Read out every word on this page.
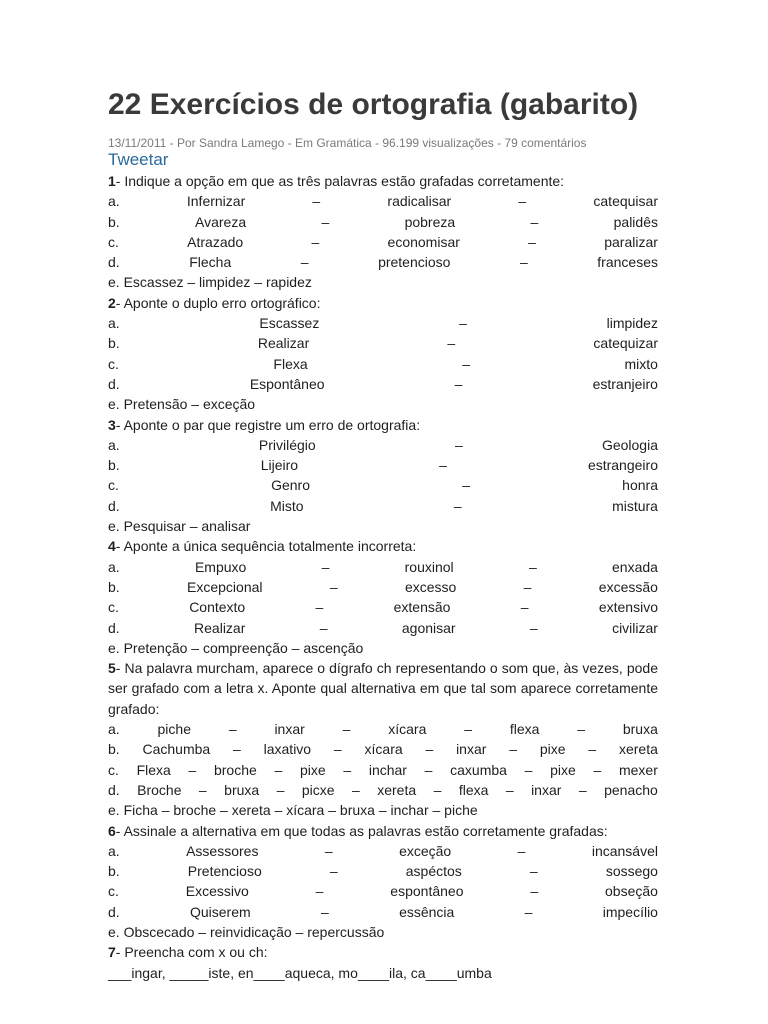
22 Exercícios de ortografia (gabarito)
13/11/2011 - Por Sandra Lamego - Em Gramática - 96.199 visualizações - 79 comentários
Tweetar
1- Indique a opção em que as três palavras estão grafadas corretamente:
a.	Infernizar	–	radicalisar	–	catequisar
b.	Avareza	–	pobreza	–	palidês
c.	Atrazado	–	economisar	–	paralizar
d.	Flecha	–	pretencioso	–	franceses
e. Escassez – limpidez – rapidez
2- Aponte o duplo erro ortográfico:
a.	Escassez	–	limpidez
b.	Realizar	–	catequizar
c.	Flexa	–	mixto
d.	Espontâneo	–	estranjeiro
e. Pretensão – exceção
3- Aponte o par que registre um erro de ortografia:
a.	Privilégio	–	Geologia
b.	Lijeiro	–	estrangeiro
c.	Genro	–	honra
d.	Misto	–	mistura
e. Pesquisar – analisar
4- Aponte a única sequência totalmente incorreta:
a.	Empuxo	–	rouxinol	–	enxada
b.	Excepcional	–	excesso	–	excessão
c.	Contexto	–	extensão	–	extensivo
d.	Realizar	–	agonisar	–	civilizar
e. Pretenção – compreenção – ascenção
5- Na palavra murcham, aparece o dígrafo ch representando o som que, às vezes, pode ser grafado com a letra x. Aponte qual alternativa em que tal som aparece corretamente grafado:
a.	piche	–	inxar	–	xícara	–	flexa	–	bruxa
b. Cachumba – laxativo – xícara – inxar – pixe – xereta
c. Flexa – broche – pixe – inchar – caxumba – pixe – mexer
d. Broche – bruxa – picxe – xereta – flexa – inxar – penacho
e. Ficha – broche – xereta – xícara – bruxa – inchar – piche
6- Assinale a alternativa em que todas as palavras estão corretamente grafadas:
a.	Assessores	–	exceção	–	incansável
b.	Pretencioso	–	aspéctos	–	sossego
c.	Excessivo	–	espontâneo	–	obseção
d.	Quiserem	–	essência	–	impecílio
e. Obscecado – reinvidicação – repercussão
7- Preencha com x ou ch:
___ingar, _____iste, en____aqueca, mo____ila, ca____umba
